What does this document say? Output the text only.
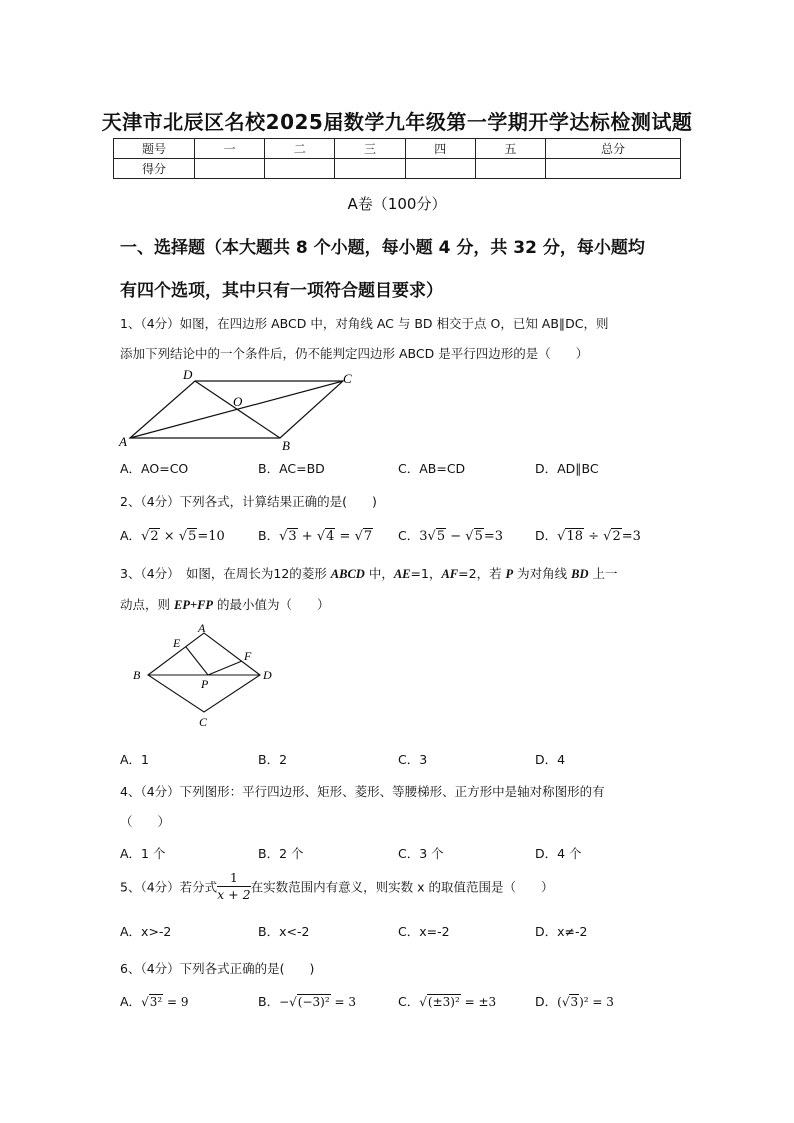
天津市北辰区名校2025届数学九年级第一学期开学达标检测试题
题号	一	二	三	四	五	总分
得分						
A卷（100分）
一、选择题（本大题共 8 个小题，每小题 4 分，共 32 分，每小题均
有四个选项，其中只有一项符合题目要求）
1、（4分）如图，在四边形 ABCD 中，对角线 AC 与 BD 相交于点 O，已知 AB∥DC，则
添加下列结论中的一个条件后，仍不能判定四边形 ABCD 是平行四边形的是（　　）
A	B
C
D
O
A．AO=CO	B．AC=BD	C．AB=CD	D．AD∥BC
2、（4分）下列各式，计算结果正确的是(　　)
A．√2 × √5=10	B．√3 + √4 = √7 C．3√5 − √5=3	D．√18 ÷ √2=3
3、（4分）　如图，在周长为12的菱形 ABCD 中，AE=1，AF=2，若 P 为对角线 BD 上一
动点，则 EP+FP 的最小值为（　　）
A
B
C
D
E
F
P
A．1	B．2	C．3	D．4
4、（4分）下列图形：平行四边形、矩形、菱形、等腰梯形、正方形中是轴对称图形的有
（　　）
A．1 个	B．2 个	C．3 个	D．4 个
5、（4分）若分式 $\frac{1}{x + 2}$ 在实数范围内有意义，则实数 x 的取值范围是（　　）
A．x>-2	B．x<-2	C．x=-2	D．x≠-2
6、（4分）下列各式正确的是(　　)
A．√3² = 9	B．−√(−3)² = 3	C．√(±3)² = ±3	D．(√3)² = 3
